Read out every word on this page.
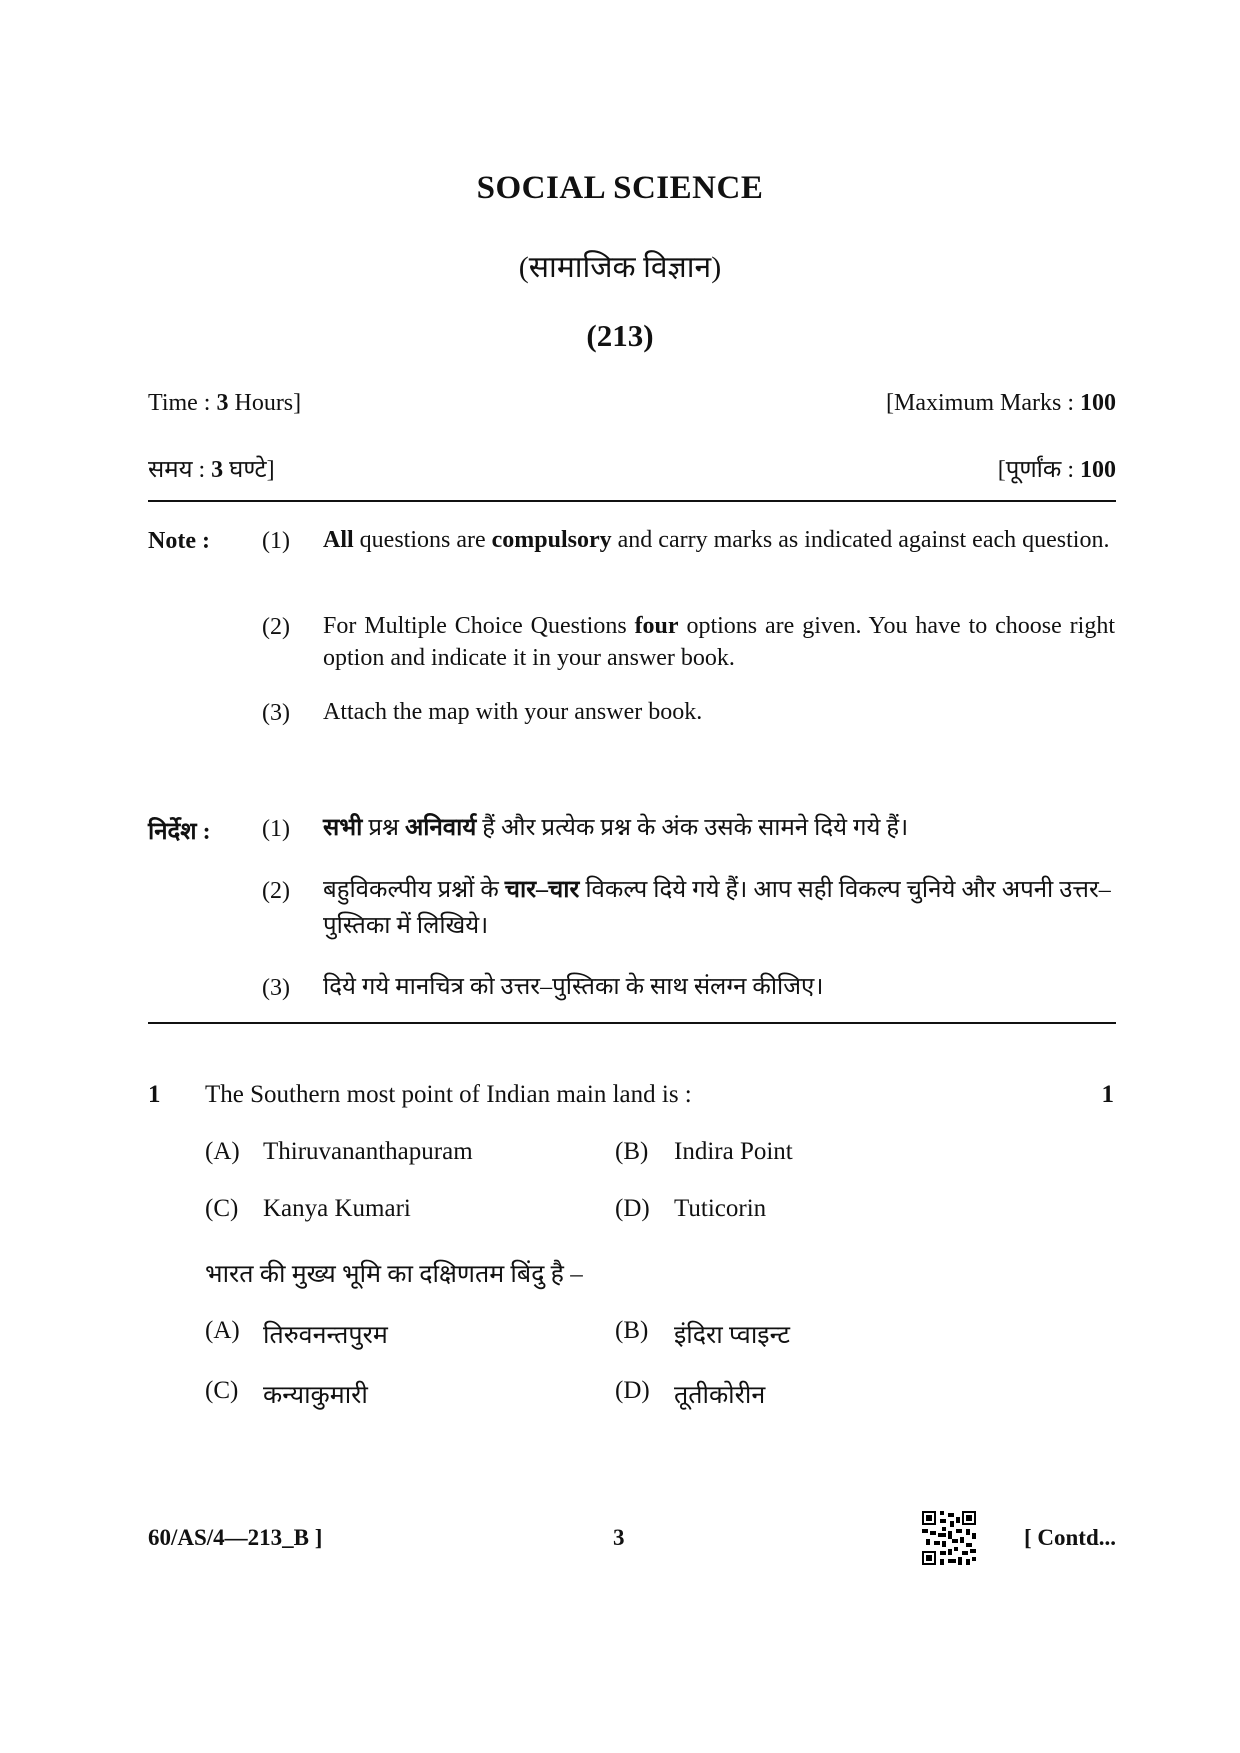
SOCIAL SCIENCE
(सामाजिक विज्ञान)
(213)
Time : 3 Hours]	[Maximum Marks : 100
समय : 3 घण्टे]	[पूर्णांक : 100
Note : (1) All questions are compulsory and carry marks as indicated against each question.
(2) For Multiple Choice Questions four options are given. You have to choose right option and indicate it in your answer book.
(3) Attach the map with your answer book.
निर्देश : (1) सभी प्रश्न अनिवार्य हैं और प्रत्येक प्रश्न के अंक उसके सामने दिये गये हैं।
(2) बहुविकल्पीय प्रश्नों के चार–चार विकल्प दिये गये हैं। आप सही विकल्प चुनिये और अपनी उत्तर–पुस्तिका में लिखिये।
(3) दिये गये मानचित्र को उत्तर–पुस्तिका के साथ संलग्न कीजिए।
1 The Southern most point of Indian main land is :	1
(A) Thiruvananthapuram	(B) Indira Point
(C) Kanya Kumari	(D) Tuticorin
भारत की मुख्य भूमि का दक्षिणतम बिंदु है –
(A) तिरुवनन्तपुरम	(B) इंदिरा प्वाइन्ट
(C) कन्याकुमारी	(D) तूतीकोरीन
60/AS/4—213_B ]	3	[ Contd...
